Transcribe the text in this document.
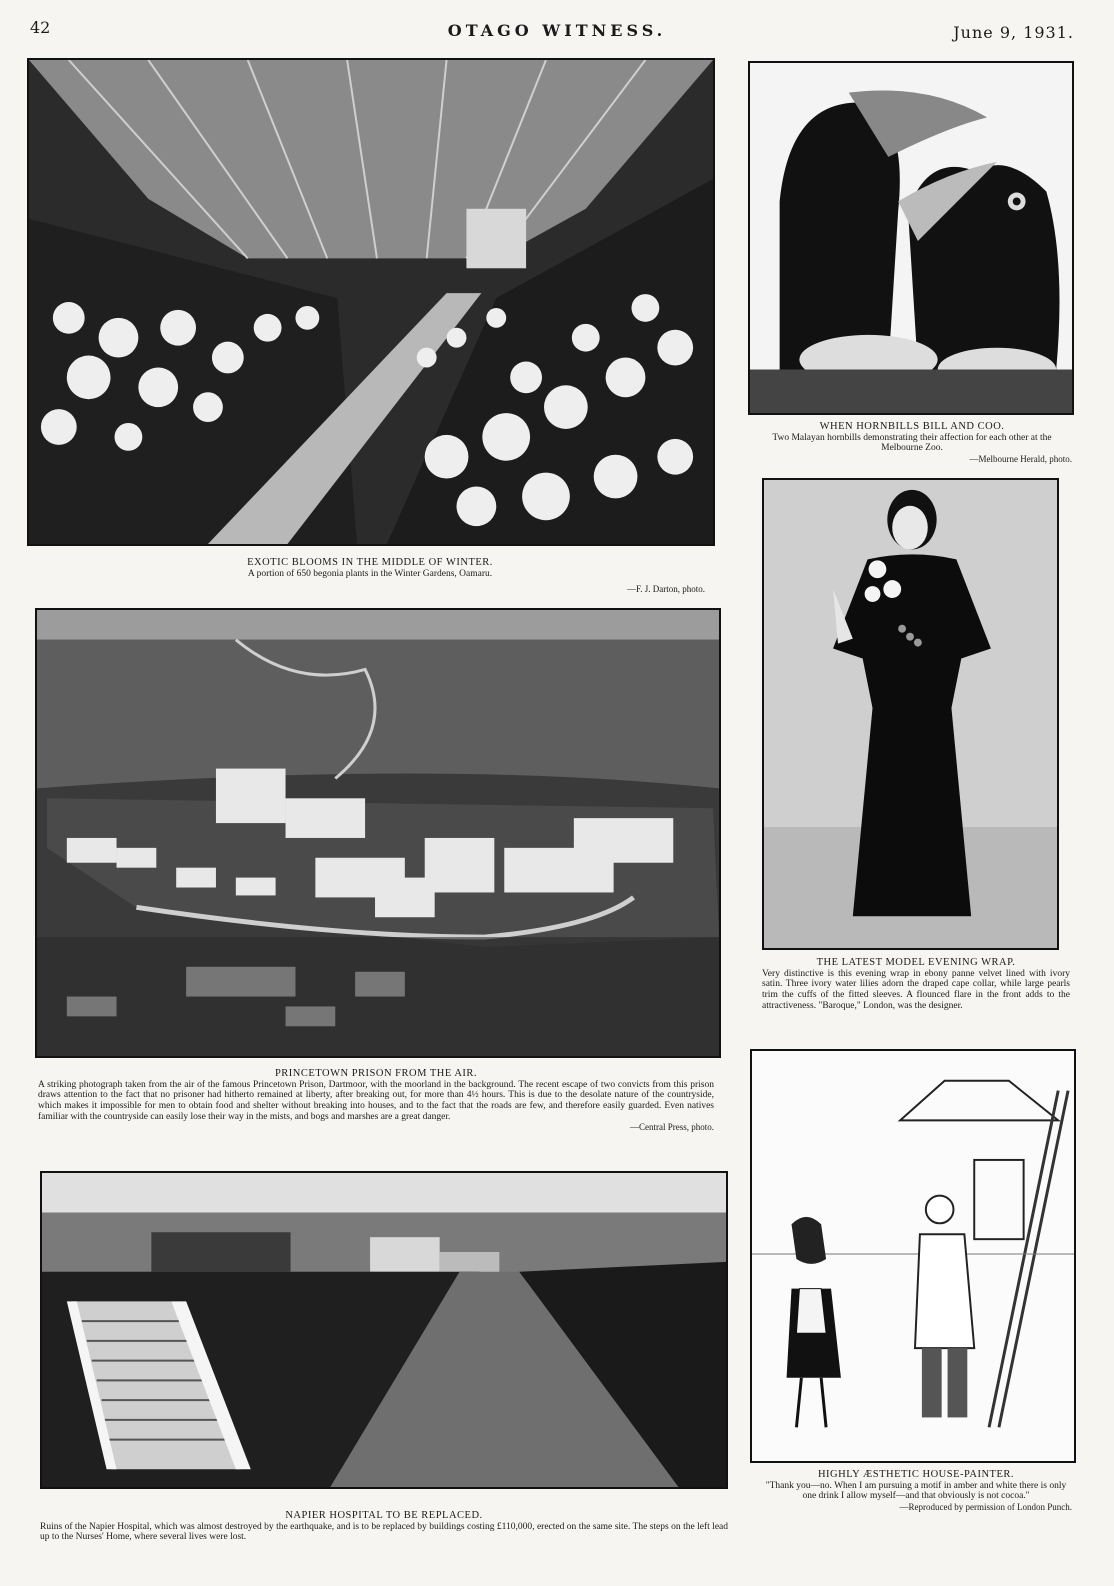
42	OTAGO WITNESS.	June 9, 1931.
EXOTIC BLOOMS IN THE MIDDLE OF WINTER.
A portion of 650 begonia plants in the Winter Gardens, Oamaru.
—F. J. Darton, photo.
WHEN HORNBILLS BILL AND COO.
Two Malayan hornbills demonstrating their affection for each other at the Melbourne Zoo.
—Melbourne Herald, photo.
PRINCETOWN PRISON FROM THE AIR.
A striking photograph taken from the air of the famous Princetown Prison, Dartmoor, with the moorland in the background. The recent escape of two convicts from this prison draws attention to the fact that no prisoner had hitherto remained at liberty, after breaking out, for more than 4½ hours. This is due to the desolate nature of the countryside, which makes it impossible for men to obtain food and shelter without breaking into houses, and to the fact that the roads are few, and therefore easily guarded. Even natives familiar with the countryside can easily lose their way in the mists, and bogs and marshes are a great danger.
—Central Press, photo.
THE LATEST MODEL EVENING WRAP.
Very distinctive is this evening wrap in ebony panne velvet lined with ivory satin. Three ivory water lilies adorn the draped cape collar, while large pearls trim the cuffs of the fitted sleeves. A flounced flare in the front adds to the attractiveness. "Baroque," London, was the designer.
NAPIER HOSPITAL TO BE REPLACED.
Ruins of the Napier Hospital, which was almost destroyed by the earthquake, and is to be replaced by buildings costing £110,000, erected on the same site. The steps on the left lead up to the Nurses' Home, where several lives were lost.
HIGHLY ÆSTHETIC HOUSE-PAINTER.
"Thank you—no. When I am pursuing a motif in amber and white there is only one drink I allow myself—and that obviously is not cocoa."
—Reproduced by permission of London Punch.
